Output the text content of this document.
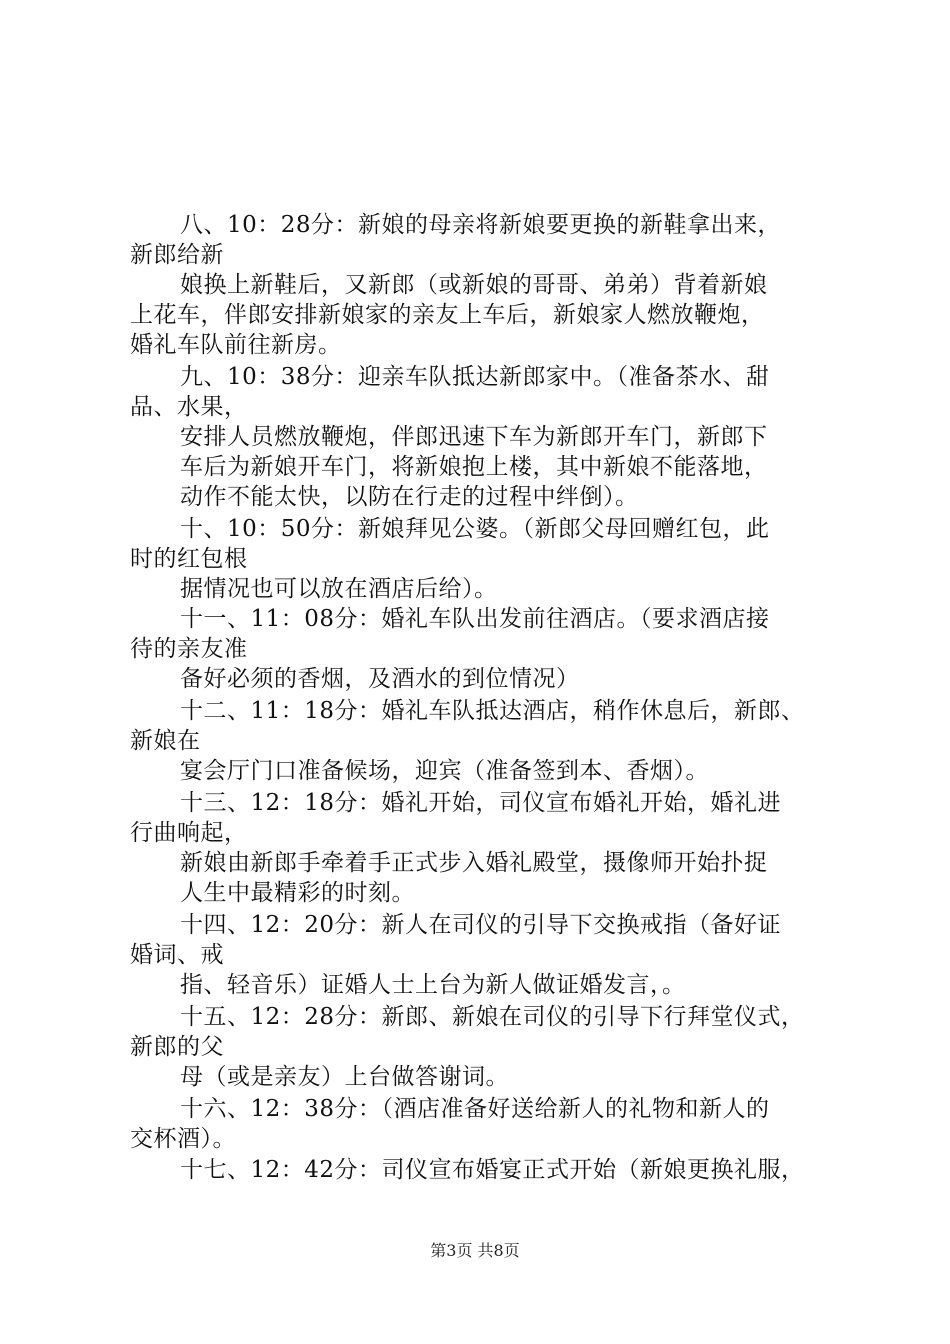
八、10：28分：新娘的母亲将新娘要更换的新鞋拿出来，
新郎给新
娘换上新鞋后，又新郎（或新娘的哥哥、弟弟）背着新娘
上花车，伴郎安排新娘家的亲友上车后，新娘家人燃放鞭炮，
婚礼车队前往新房。
九、10：38分：迎亲车队抵达新郎家中。（准备茶水、甜
品、水果，
安排人员燃放鞭炮，伴郎迅速下车为新郎开车门，新郎下
车后为新娘开车门，将新娘抱上楼，其中新娘不能落地，
动作不能太快，以防在行走的过程中绊倒）。
十、10：50分：新娘拜见公婆。（新郎父母回赠红包，此
时的红包根
据情况也可以放在酒店后给）。
十一、11：08分：婚礼车队出发前往酒店。（要求酒店接
待的亲友准
备好必须的香烟，及酒水的到位情况）
十二、11：18分：婚礼车队抵达酒店，稍作休息后，新郎、
新娘在
宴会厅门口准备候场，迎宾（准备签到本、香烟）。
十三、12：18分：婚礼开始，司仪宣布婚礼开始，婚礼进
行曲响起，
新娘由新郎手牵着手正式步入婚礼殿堂，摄像师开始扑捉
人生中最精彩的时刻。
十四、12：20分：新人在司仪的引导下交换戒指（备好证
婚词、戒
指、轻音乐）证婚人士上台为新人做证婚发言，。
十五、12：28分：新郎、新娘在司仪的引导下行拜堂仪式，
新郎的父
母（或是亲友）上台做答谢词。
十六、12：38分：（酒店准备好送给新人的礼物和新人的
交杯酒）。
十七、12：42分：司仪宣布婚宴正式开始（新娘更换礼服，
第3页 共8页
